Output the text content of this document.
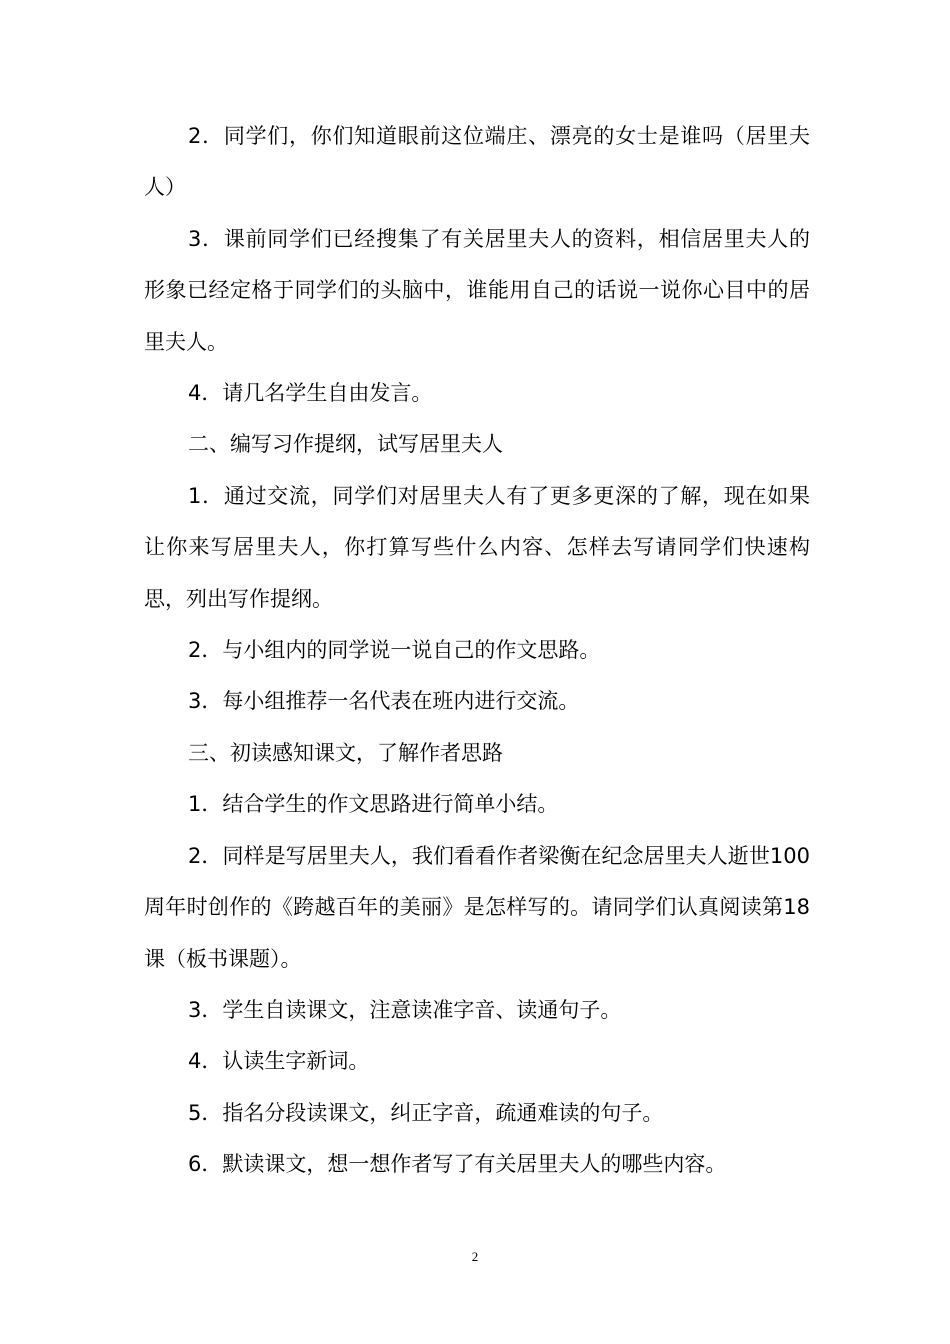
2．同学们，你们知道眼前这位端庄、漂亮的女士是谁吗（居里夫人）

3．课前同学们已经搜集了有关居里夫人的资料，相信居里夫人的形象已经定格于同学们的头脑中，谁能用自己的话说一说你心目中的居里夫人。

4．请几名学生自由发言。

二、编写习作提纲，试写居里夫人

1．通过交流，同学们对居里夫人有了更多更深的了解，现在如果让你来写居里夫人，你打算写些什么内容、怎样去写请同学们快速构思，列出写作提纲。

2．与小组内的同学说一说自己的作文思路。

3．每小组推荐一名代表在班内进行交流。

三、初读感知课文，了解作者思路

1．结合学生的作文思路进行简单小结。

2．同样是写居里夫人，我们看看作者梁衡在纪念居里夫人逝世100周年时创作的《跨越百年的美丽》是怎样写的。请同学们认真阅读第18课（板书课题）。

3．学生自读课文，注意读准字音、读通句子。

4．认读生字新词。

5．指名分段读课文，纠正字音，疏通难读的句子。

6．默读课文，想一想作者写了有关居里夫人的哪些内容。

2
